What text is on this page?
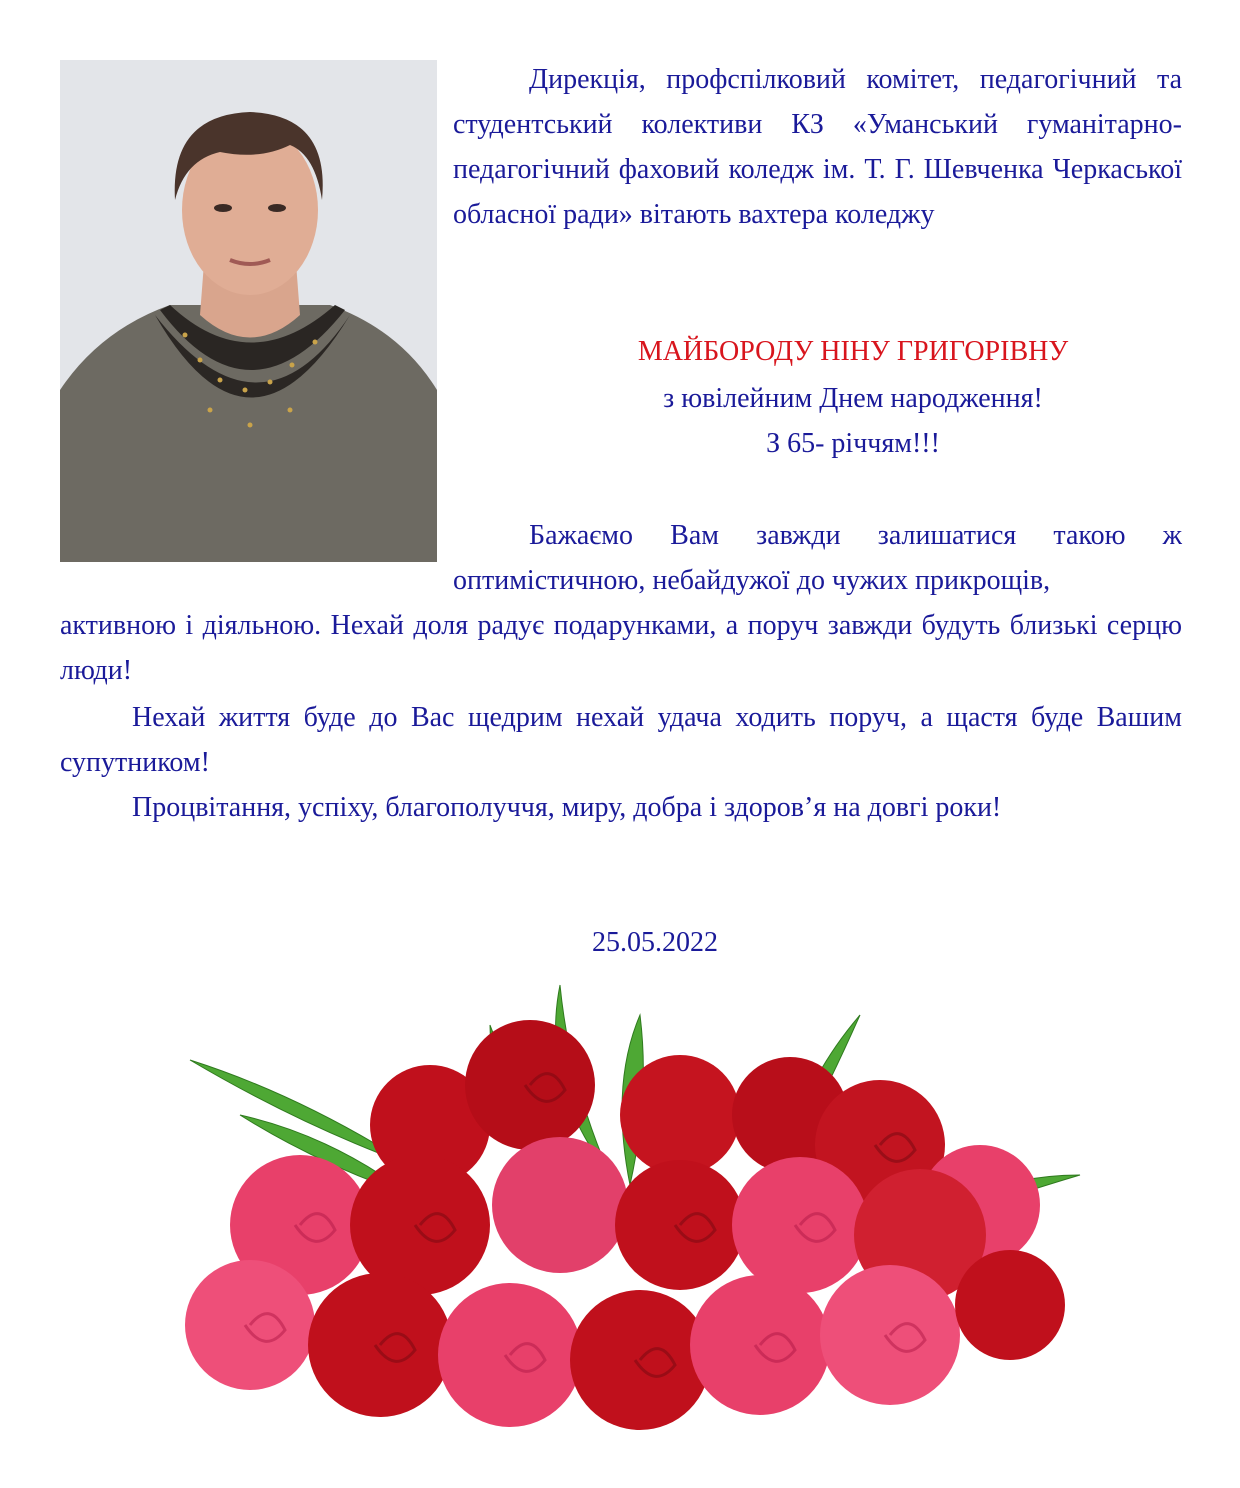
Дирекція, профспілковий комітет, педагогічний та студентський колективи КЗ «Уманський гуманітарно-педагогічний фаховий коледж ім. Т. Г. Шевченка Черкаської обласної ради» вітають вахтера коледжу
МАЙБОРОДУ НІНУ ГРИГОРІВНУ
з ювілейним Днем народження!
З 65- річчям!!!
Бажаємо Вам завжди залишатися такою ж оптимістичною, небайдужої до чужих прикрощів,
активною і діяльною. Нехай доля радує подарунками, а поруч завжди будуть близькі серцю люди!
Нехай життя буде до Вас щедрим нехай удача ходить поруч, а щастя буде Вашим супутником!
Процвітання, успіху, благополуччя, миру, добра і здоров’я на довгі роки!
25.05.2022
